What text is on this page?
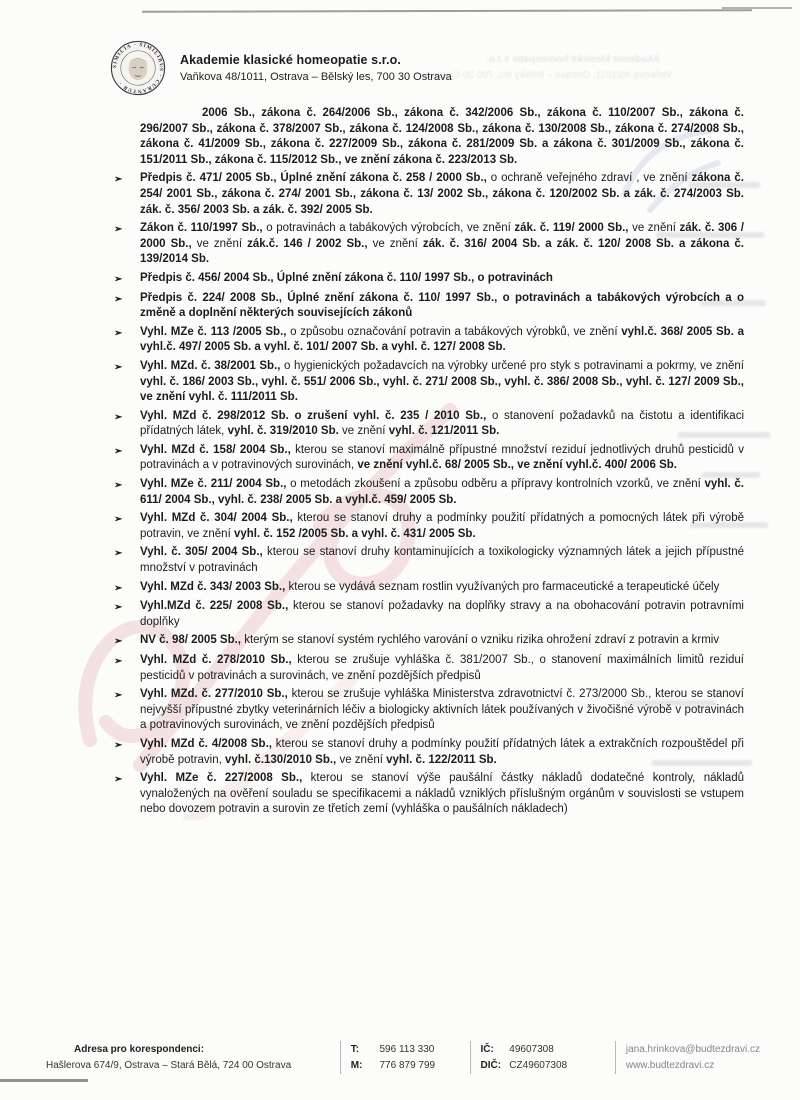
Akademie klasické homeopatie s.r.o.
Vaňkova 48/1011, Ostrava – Bělský les, 700 30 Ostrava
SIMILIA · SIMILIBUS · CURANTUR ·
Akademie klasické homeopatie s.r.o.
Vaňkova 48/1011, Ostrava – Bělský les, 700 30 Ostrava

2006 Sb., zákona č. 264/2006 Sb., zákona č. 342/2006 Sb., zákona č. 110/2007 Sb., zákona č. 296/2007 Sb., zákona č. 378/2007 Sb., zákona č. 124/2008 Sb., zákona č. 130/2008 Sb., zákona č. 274/2008 Sb., zákona č. 41/2009 Sb., zákona č. 227/2009 Sb., zákona č. 281/2009 Sb. a zákona č. 301/2009 Sb., zákona č. 151/2011 Sb., zákona č. 115/2012 Sb., ve znění zákona č. 223/2013 Sb.

➢	Předpis č. 471/ 2005 Sb., Úplné znění zákona č. 258 / 2000 Sb., o ochraně veřejného zdraví , ve znění zákona č. 254/ 2001 Sb., zákona č. 274/ 2001 Sb., zákona č. 13/ 2002 Sb., zákona č. 120/2002 Sb. a zák. č. 274/2003 Sb. zák. č. 356/ 2003 Sb. a zák. č. 392/ 2005 Sb.
➢	Zákon č. 110/1997 Sb., o potravinách a tabákových výrobcích, ve znění zák. č. 119/ 2000 Sb., ve znění zák. č. 306 / 2000 Sb., ve znění zák.č. 146 / 2002 Sb., ve znění zák. č. 316/ 2004 Sb. a zák. č. 120/ 2008 Sb. a zákona č. 139/2014 Sb.
➢	Předpis č. 456/ 2004 Sb., Úplné znění zákona č. 110/ 1997 Sb., o potravinách
➢	Předpis č. 224/ 2008 Sb., Úplné znění zákona č. 110/ 1997 Sb., o potravinách a tabákových výrobcích a o změně a doplnění některých souvisejících zákonů
➢	Vyhl. MZe č. 113 /2005 Sb., o způsobu označování potravin a tabákových výrobků, ve znění vyhl.č. 368/ 2005 Sb. a vyhl.č. 497/ 2005 Sb. a vyhl. č. 101/ 2007 Sb. a vyhl. č. 127/ 2008 Sb.
➢	Vyhl. MZd. č. 38/2001 Sb., o hygienických požadavcích na výrobky určené pro styk s potravinami a pokrmy, ve znění vyhl. č. 186/ 2003 Sb., vyhl. č. 551/ 2006 Sb., vyhl. č. 271/ 2008 Sb., vyhl. č. 386/ 2008 Sb., vyhl. č. 127/ 2009 Sb., ve znění vyhl. č. 111/2011 Sb.
➢	Vyhl. MZd č. 298/2012 Sb. o zrušení vyhl. č. 235 / 2010 Sb., o stanovení požadavků na čistotu a identifikaci přídatných látek, vyhl. č. 319/2010 Sb. ve znění vyhl. č. 121/2011 Sb.
➢	Vyhl. MZd č. 158/ 2004 Sb., kterou se stanoví maximálně přípustné množství reziduí jednotlivých druhů pesticidů v potravinách a v potravinových surovinách, ve znění vyhl.č. 68/ 2005 Sb., ve znění vyhl.č. 400/ 2006 Sb.
➢	Vyhl. MZe č. 211/ 2004 Sb., o metodách zkoušení a způsobu odběru a přípravy kontrolních vzorků, ve znění vyhl. č. 611/ 2004 Sb., vyhl. č. 238/ 2005 Sb. a vyhl.č. 459/ 2005 Sb.
➢	Vyhl. MZd č. 304/ 2004 Sb., kterou se stanoví druhy a podmínky použití přídatných a pomocných látek při výrobě potravin, ve znění vyhl. č. 152 /2005 Sb. a vyhl. č. 431/ 2005 Sb.
➢	Vyhl. č. 305/ 2004 Sb., kterou se stanoví druhy kontaminujících a toxikologicky významných látek a jejich přípustné množství v potravinách
➢	Vyhl. MZd č. 343/ 2003 Sb., kterou se vydává seznam rostlin využívaných pro farmaceutické a terapeutické účely
➢	Vyhl.MZd č. 225/ 2008 Sb., kterou se stanoví požadavky na doplňky stravy a na obohacování potravin potravními doplňky
➢	NV č. 98/ 2005 Sb., kterým se stanoví systém rychlého varování o vzniku rizika ohrožení zdraví z potravin a krmiv
➢	Vyhl. MZd č. 278/2010 Sb., kterou se zrušuje vyhláška č. 381/2007 Sb., o stanovení maximálních limitů reziduí pesticidů v potravinách a surovinách, ve znění pozdějších předpisů
➢	Vyhl. MZd. č. 277/2010 Sb., kterou se zrušuje vyhláška Ministerstva zdravotnictví č. 273/2000 Sb., kterou se stanoví nejvyšší přípustné zbytky veterinárních léčiv a biologicky aktivních látek používaných v živočišné výrobě v potravinách a potravinových surovinách, ve znění pozdějších předpisů
➢	Vyhl. MZd č. 4/2008 Sb., kterou se stanoví druhy a podmínky použití přídatných látek a extrakčních rozpouštědel při výrobě potravin, vyhl. č.130/2010 Sb., ve znění vyhl. č. 122/2011 Sb.
➢	Vyhl. MZe č. 227/2008 Sb., kterou se stanoví výše paušální částky nákladů dodatečné kontroly, nákladů vynaložených na ověření souladu se specifikacemi a nákladů vzniklých příslušným orgánům v souvislosti se vstupem nebo dovozem potravin a surovin ze třetích zemí (vyhláška o paušálních nákladech)
Adresa pro korespondenci:
Hašlerova 674/9, Ostrava – Stará Bělá, 724 00 Ostrava
T: 596 113 330
M: 776 879 799
IČ: 49607308
DIČ: CZ49607308
jana.hrinkova@budtezdravi.cz
www.budtezdravi.cz
